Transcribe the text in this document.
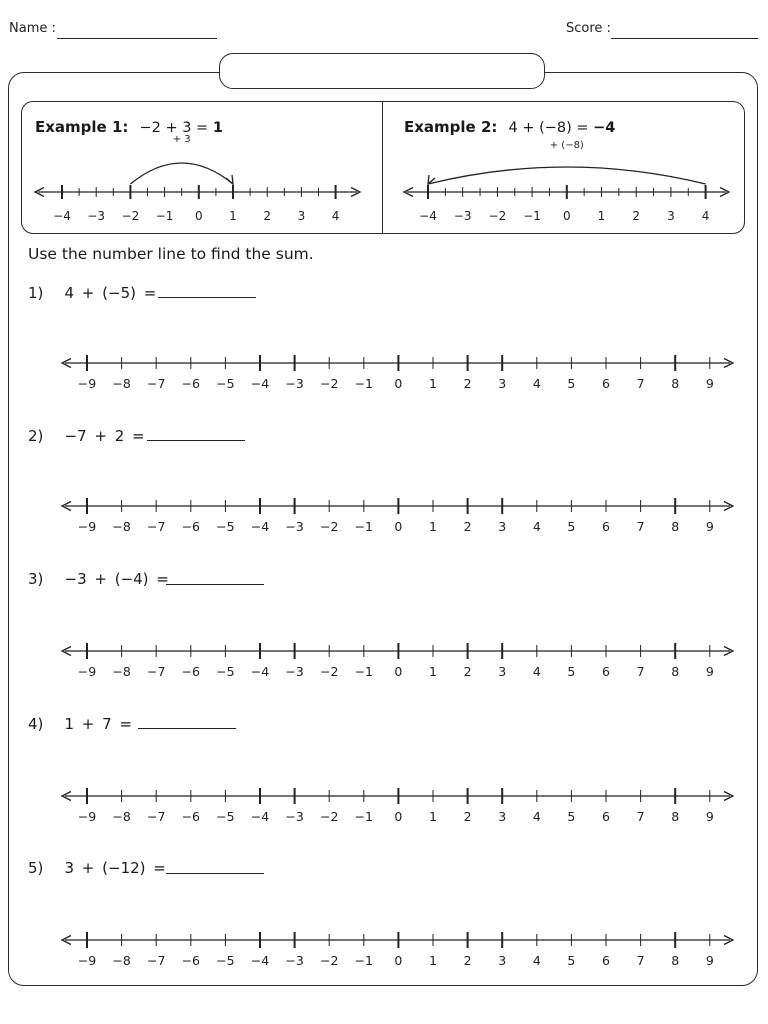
Name :	Score :
Example 1: −2 + 3 = 1	Example 2: 4 + (−8) = −4
−4 −3 −2 −1 0 1 2 3 4
+ 3
−4 −3 −2 −1 0 1 2 3 4
+ (−8)
Use the number line to find the sum.
1) 4 + (−5) =
2) −7 + 2 =
3) −3 + (−4) =
4) 1 + 7 =
5) 3 + (−12) =
−9 −8 −7 −6 −5 −4 −3 −2 −1 0 1 2 3 4 5 6 7 8 9
−9 −8 −7 −6 −5 −4 −3 −2 −1 0 1 2 3 4 5 6 7 8 9
−9 −8 −7 −6 −5 −4 −3 −2 −1 0 1 2 3 4 5 6 7 8 9
−9 −8 −7 −6 −5 −4 −3 −2 −1 0 1 2 3 4 5 6 7 8 9
−9 −8 −7 −6 −5 −4 −3 −2 −1 0 1 2 3 4 5 6 7 8 9
